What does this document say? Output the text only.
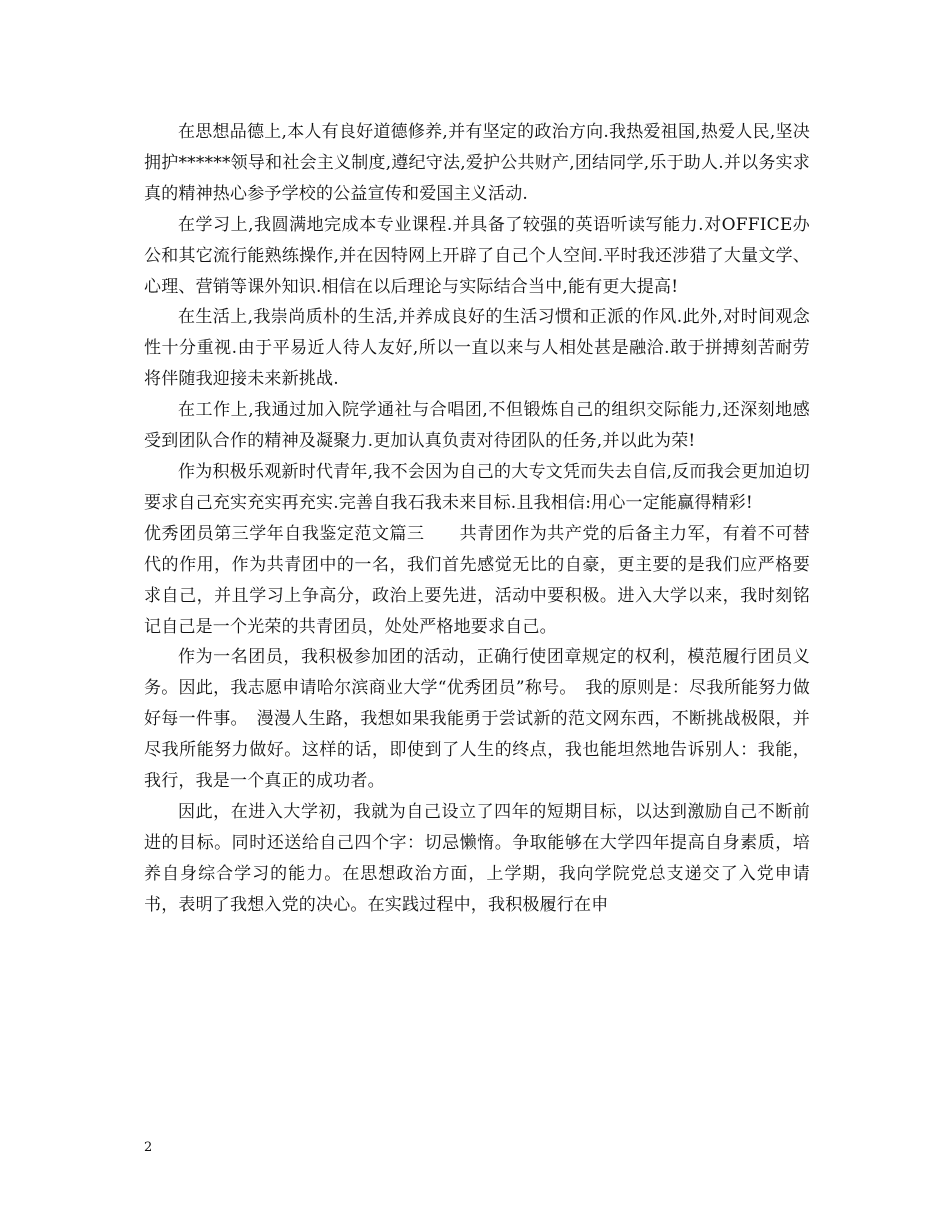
在思想品德上,本人有良好道德修养,并有坚定的政治方向.我热爱祖国,热爱人民,坚决拥护******领导和社会主义制度,遵纪守法,爱护公共财产,团结同学,乐于助人.并以务实求真的精神热心参予学校的公益宣传和爱国主义活动.

在学习上,我圆满地完成本专业课程.并具备了较强的英语听读写能力.对OFFICE办公和其它流行能熟练操作,并在因特网上开辟了自己个人空间.平时我还涉猎了大量文学、心理、营销等课外知识.相信在以后理论与实际结合当中,能有更大提高!

在生活上,我崇尚质朴的生活,并养成良好的生活习惯和正派的作风.此外,对时间观念性十分重视.由于平易近人待人友好,所以一直以来与人相处甚是融洽.敢于拼搏刻苦耐劳将伴随我迎接未来新挑战.

在工作上,我通过加入院学通社与合唱团,不但锻炼自己的组织交际能力,还深刻地感受到团队合作的精神及凝聚力.更加认真负责对待团队的任务,并以此为荣!

作为积极乐观新时代青年,我不会因为自己的大专文凭而失去自信,反而我会更加迫切要求自己充实充实再充实.完善自我石我未来目标.且我相信:用心一定能赢得精彩!

优秀团员第三学年自我鉴定范文篇三　　共青团作为共产党的后备主力军，有着不可替代的作用，作为共青团中的一名，我们首先感觉无比的自豪，更主要的是我们应严格要求自己，并且学习上争高分，政治上要先进，活动中要积极。进入大学以来，我时刻铭记自己是一个光荣的共青团员，处处严格地要求自己。

作为一名团员，我积极参加团的活动，正确行使团章规定的权利，模范履行团员义务。因此，我志愿申请哈尔滨商业大学“优秀团员”称号。　我的原则是：尽我所能努力做好每一件事。　漫漫人生路，我想如果我能勇于尝试新的范文网东西，不断挑战极限，并尽我所能努力做好。这样的话，即使到了人生的终点，我也能坦然地告诉别人：我能，我行，我是一个真正的成功者。

因此，在进入大学初，我就为自己设立了四年的短期目标，以达到激励自己不断前进的目标。同时还送给自己四个字：切忌懒惰。争取能够在大学四年提高自身素质，培养自身综合学习的能力。在思想政治方面，上学期，我向学院党总支递交了入党申请书，表明了我想入党的决心。在实践过程中，我积极履行在申

2
